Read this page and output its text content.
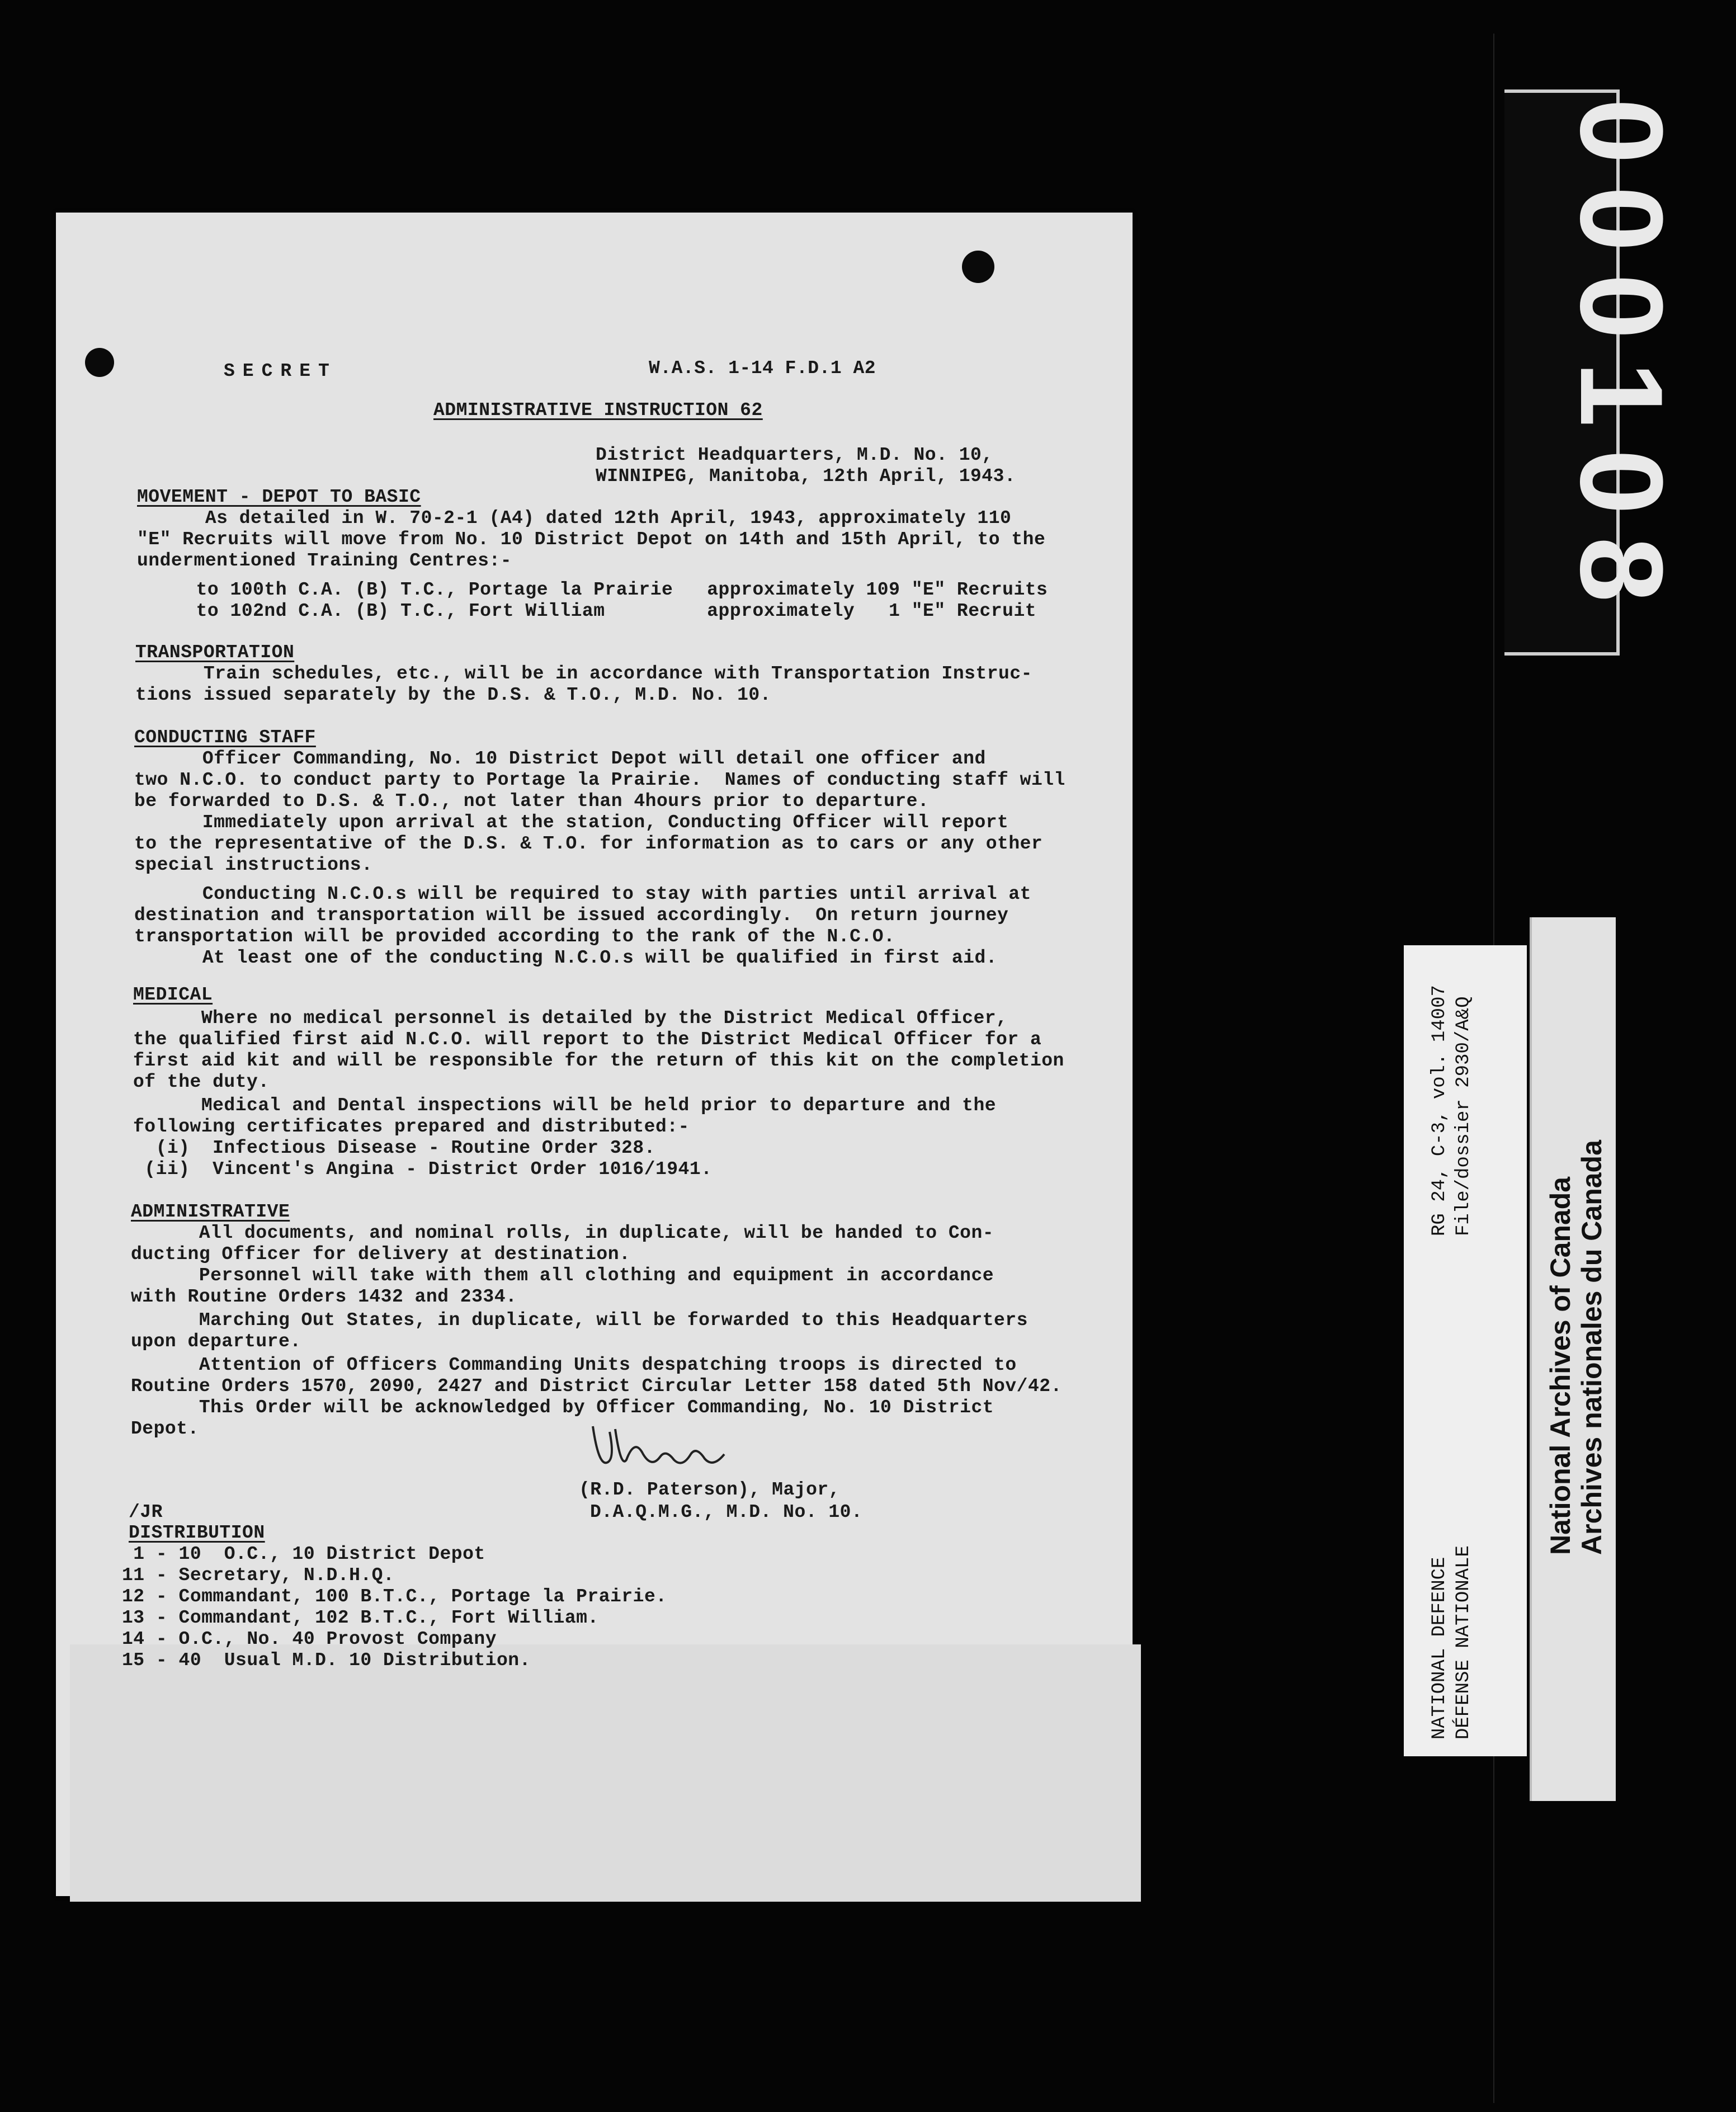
SECRET	W.A.S. 1-14 F.D.1 A2
ADMINISTRATIVE INSTRUCTION 62
District Headquarters, M.D. No. 10,
WINNIPEG, Manitoba, 12th April, 1943.
MOVEMENT - DEPOT TO BASIC
As detailed in W. 70-2-1 (A4) dated 12th April, 1943, approximately 110
"E" Recruits will move from No. 10 District Depot on 14th and 15th April, to the
undermentioned Training Centres:-
to 100th C.A. (B) T.C., Portage la Prairie   approximately 109 "E" Recruits
to 102nd C.A. (B) T.C., Fort William         approximately   1 "E" Recruit
TRANSPORTATION
Train schedules, etc., will be in accordance with Transportation Instruc-
tions issued separately by the D.S. & T.O., M.D. No. 10.
CONDUCTING STAFF
Officer Commanding, No. 10 District Depot will detail one officer and
two N.C.O. to conduct party to Portage la Prairie.  Names of conducting staff will
be forwarded to D.S. & T.O., not later than 4hours prior to departure.
Immediately upon arrival at the station, Conducting Officer will report
to the representative of the D.S. & T.O. for information as to cars or any other
special instructions.
Conducting N.C.O.s will be required to stay with parties until arrival at
destination and transportation will be issued accordingly.  On return journey
transportation will be provided according to the rank of the N.C.O.
At least one of the conducting N.C.O.s will be qualified in first aid.
MEDICAL
Where no medical personnel is detailed by the District Medical Officer,
the qualified first aid N.C.O. will report to the District Medical Officer for a
first aid kit and will be responsible for the return of this kit on the completion
of the duty.
Medical and Dental inspections will be held prior to departure and the
following certificates prepared and distributed:-
(i)  Infectious Disease - Routine Order 328.
(ii)  Vincent's Angina - District Order 1016/1941.
ADMINISTRATIVE
All documents, and nominal rolls, in duplicate, will be handed to Con-
ducting Officer for delivery at destination.
Personnel will take with them all clothing and equipment in accordance
with Routine Orders 1432 and 2334.
Marching Out States, in duplicate, will be forwarded to this Headquarters
upon departure.
Attention of Officers Commanding Units despatching troops is directed to
Routine Orders 1570, 2090, 2427 and District Circular Letter 158 dated 5th Nov/42.
This Order will be acknowledged by Officer Commanding, No. 10 District
Depot.
(R.D. Paterson), Major,
D.A.Q.M.G., M.D. No. 10.
/JR
DISTRIBUTION
1 - 10  O.C., 10 District Depot
11 - Secretary, N.D.H.Q.
12 - Commandant, 100 B.T.C., Portage la Prairie.
13 - Commandant, 102 B.T.C., Fort William.
14 - O.C., No. 40 Provost Company
15 - 40  Usual M.D. 10 Distribution.
000108
RG 24, C-3, vol. 14007 File/dossier 2930/A&Q
NATIONAL DEFENCE DÉFENSE NATIONALE
National Archives of Canada Archives nationales du Canada
